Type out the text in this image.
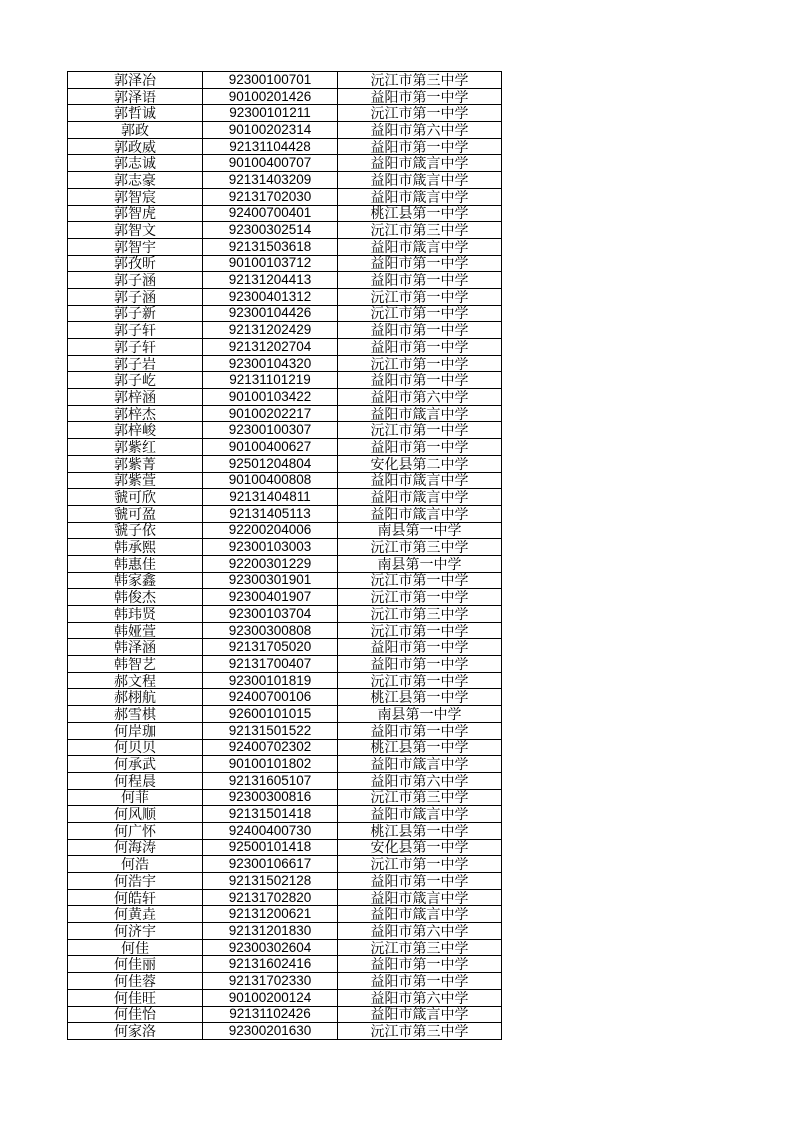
郭泽冶	92300100701	沅江市第三中学
郭泽语	90100201426	益阳市第一中学
郭哲诚	92300101211	沅江市第一中学
郭政	90100202314	益阳市第六中学
郭政威	92131104428	益阳市第一中学
郭志诚	90100400707	益阳市箴言中学
郭志豪	92131403209	益阳市箴言中学
郭智宸	92131702030	益阳市箴言中学
郭智虎	92400700401	桃江县第一中学
郭智文	92300302514	沅江市第三中学
郭智宇	92131503618	益阳市箴言中学
郭孜昕	90100103712	益阳市第一中学
郭子涵	92131204413	益阳市第一中学
郭子涵	92300401312	沅江市第一中学
郭子新	92300104426	沅江市第一中学
郭子轩	92131202429	益阳市第一中学
郭子轩	92131202704	益阳市第一中学
郭子岩	92300104320	沅江市第一中学
郭子屹	92131101219	益阳市第一中学
郭梓涵	90100103422	益阳市第六中学
郭梓杰	90100202217	益阳市箴言中学
郭梓峻	92300100307	沅江市第一中学
郭紫红	90100400627	益阳市第一中学
郭紫菁	92501204804	安化县第二中学
郭紫萱	90100400808	益阳市箴言中学
虢可欣	92131404811	益阳市箴言中学
虢可盈	92131405113	益阳市箴言中学
虢子依	92200204006	南县第一中学
韩承熙	92300103003	沅江市第三中学
韩惠佳	92200301229	南县第一中学
韩家鑫	92300301901	沅江市第一中学
韩俊杰	92300401907	沅江市第一中学
韩玮贤	92300103704	沅江市第三中学
韩娅萱	92300300808	沅江市第一中学
韩泽涵	92131705020	益阳市第一中学
韩智艺	92131700407	益阳市第一中学
郝文程	92300101819	沅江市第一中学
郝栩航	92400700106	桃江县第一中学
郝雪棋	92600101015	南县第一中学
何岸珈	92131501522	益阳市第一中学
何贝贝	92400702302	桃江县第一中学
何承武	90100101802	益阳市箴言中学
何程晨	92131605107	益阳市第六中学
何菲	92300300816	沅江市第三中学
何风顺	92131501418	益阳市箴言中学
何广怀	92400400730	桃江县第一中学
何海涛	92500101418	安化县第一中学
何浩	92300106617	沅江市第一中学
何浩宇	92131502128	益阳市第一中学
何皓轩	92131702820	益阳市箴言中学
何黄垚	92131200621	益阳市箴言中学
何济宇	92131201830	益阳市第六中学
何佳	92300302604	沅江市第三中学
何佳丽	92131602416	益阳市第一中学
何佳蓉	92131702330	益阳市第一中学
何佳旺	90100200124	益阳市第六中学
何佳怡	92131102426	益阳市箴言中学
何家洛	92300201630	沅江市第三中学
